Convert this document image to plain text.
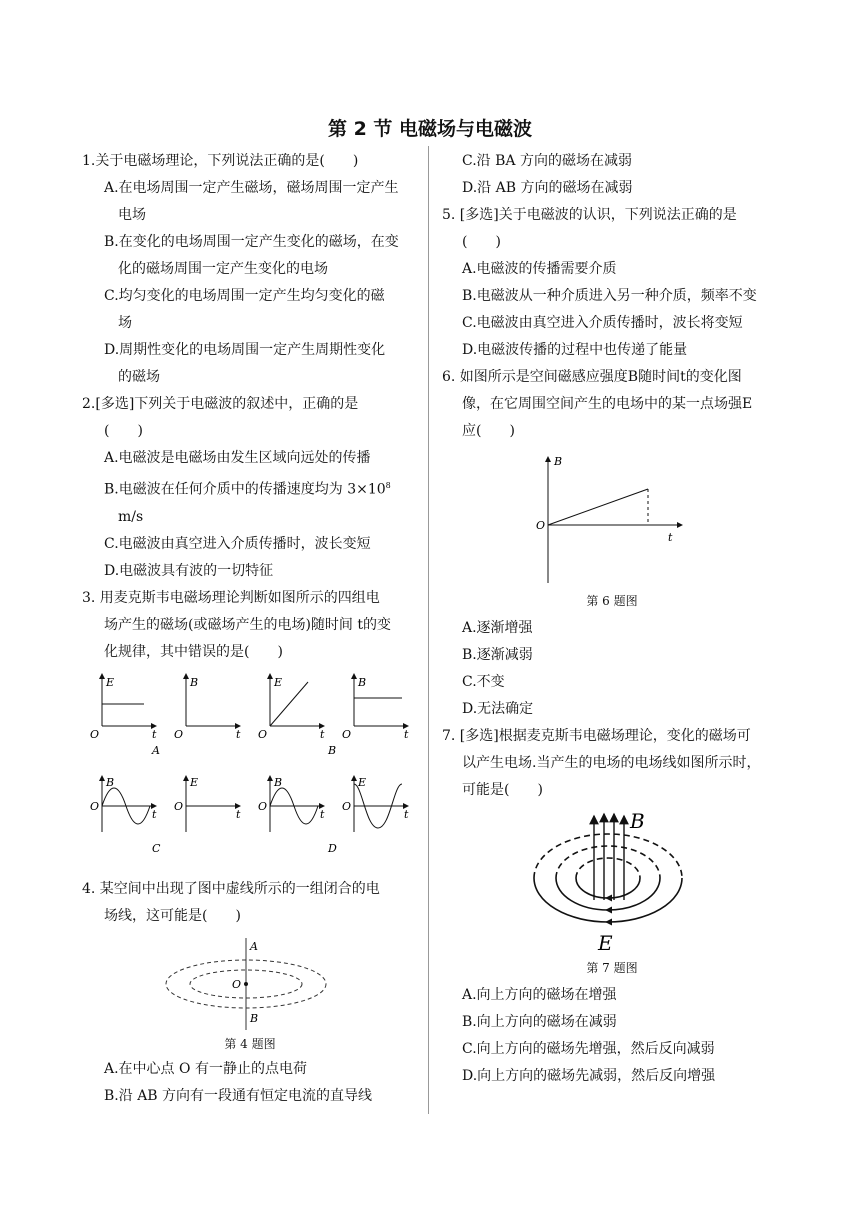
第 2 节 电磁场与电磁波
1.关于电磁场理论，下列说法正确的是(　　)
A.在电场周围一定产生磁场，磁场周围一定产生
电场
B.在变化的电场周围一定产生变化的磁场，在变
化的磁场周围一定产生变化的电场
C.均匀变化的电场周围一定产生均匀变化的磁
场
D.周期性变化的电场周围一定产生周期性变化
的磁场
2.[多选]下列关于电磁波的叙述中，正确的是
(　　)
A.电磁波是电磁场由发生区域向远处的传播
B.电磁波在任何介质中的传播速度均为 $3\times 10^8$
m/s
C.电磁波由真空进入介质传播时，波长变短
D.电磁波具有波的一切特征
3. 用麦克斯韦电磁场理论判断如图所示的四组电
场产生的磁场(或磁场产生的电场)随时间 t的变
化规律，其中错误的是(　　)
E
O	t
B
O	t
E
O	t
B
O	t
A	B
B
O
t
E
O
t
B
O
t
E
O
t
C	D
4. 某空间中出现了图中虚线所示的一组闭合的电
场线，这可能是(　　)
A
O
B
第 4 题图
A.在中心点 O 有一静止的点电荷
B.沿 AB 方向有一段通有恒定电流的直导线
C.沿 BA 方向的磁场在减弱
D.沿 AB 方向的磁场在减弱
5. [多选]关于电磁波的认识，下列说法正确的是
(　　)
A.电磁波的传播需要介质
B.电磁波从一种介质进入另一种介质，频率不变
C.电磁波由真空进入介质传播时，波长将变短
D.电磁波传播的过程中也传递了能量
6. 如图所示是空间磁感应强度B随时间t的变化图
像，在它周围空间产生的电场中的某一点场强E
应(　　)
B
O
t
第 6 题图
A.逐渐增强
B.逐渐减弱
C.不变
D.无法确定
7. [多选]根据麦克斯韦电磁场理论，变化的磁场可
以产生电场.当产生的电场的电场线如图所示时，
可能是(　　)
B
E
第 7 题图
A.向上方向的磁场在增强
B.向上方向的磁场在减弱
C.向上方向的磁场先增强，然后反向减弱
D.向上方向的磁场先减弱，然后反向增强
